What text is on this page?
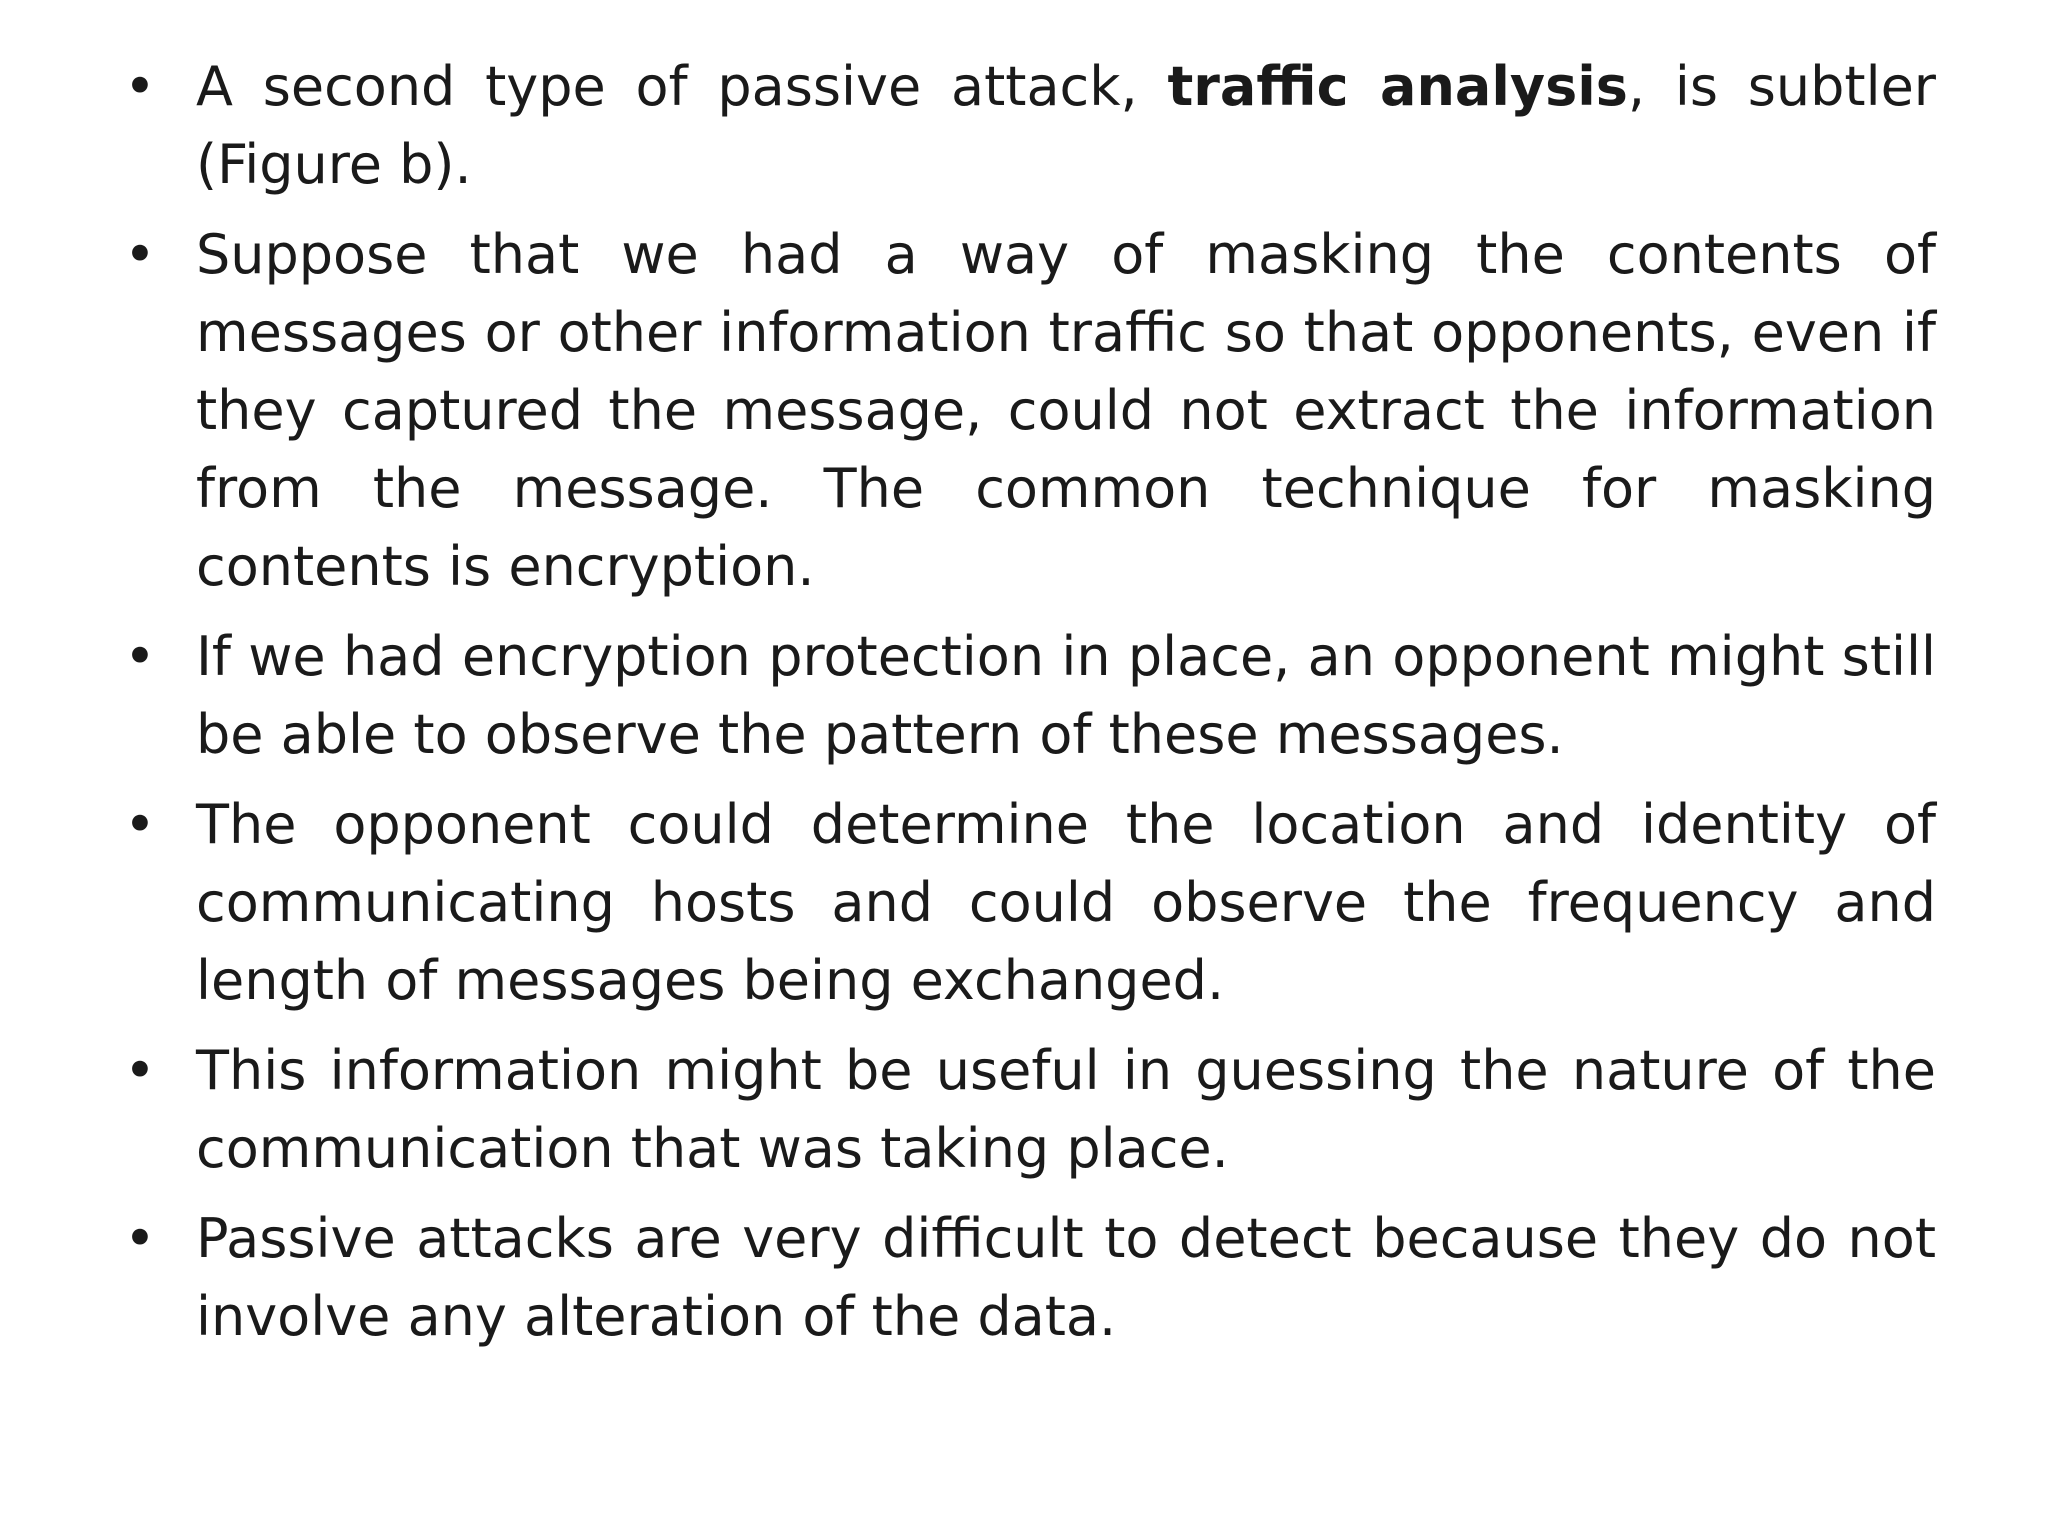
• A second type of passive attack, traffic analysis, is subtler (Figure b).
• Suppose that we had a way of masking the contents of messages or other information traffic so that opponents, even if they captured the message, could not extract the information from the message. The common technique for masking contents is encryption.
• If we had encryption protection in place, an opponent might still be able to observe the pattern of these messages.
• The opponent could determine the location and identity of communicating hosts and could observe the frequency and length of messages being exchanged.
• This information might be useful in guessing the nature of the communication that was taking place.
• Passive attacks are very difficult to detect because they do not involve any alteration of the data.
